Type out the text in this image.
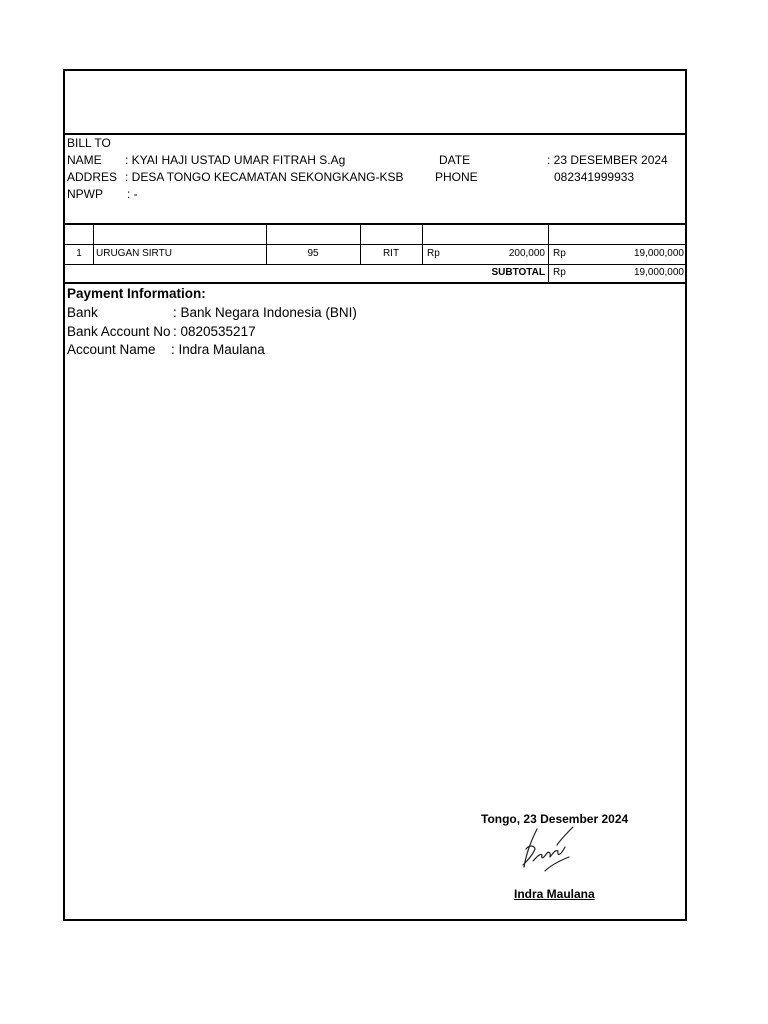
BILL TO
NAME : KYAI HAJI USTAD UMAR FITRAH S.Ag
ADDRES : DESA TONGO KECAMATAN SEKONGKANG-KSB
NPWP : -
DATE	: 23 DESEMBER 2024
PHONE	082341999933
1	URUGAN SIRTU	95	RIT	Rp	200,000 Rp	19,000,000
SUBTOTAL Rp	19,000,000
Payment Information:
Bank	: Bank Negara Indonesia (BNI)
Bank Account No : 0820535217
Account Name : Indra Maulana
Tongo, 23 Desember 2024
Indra Maulana
